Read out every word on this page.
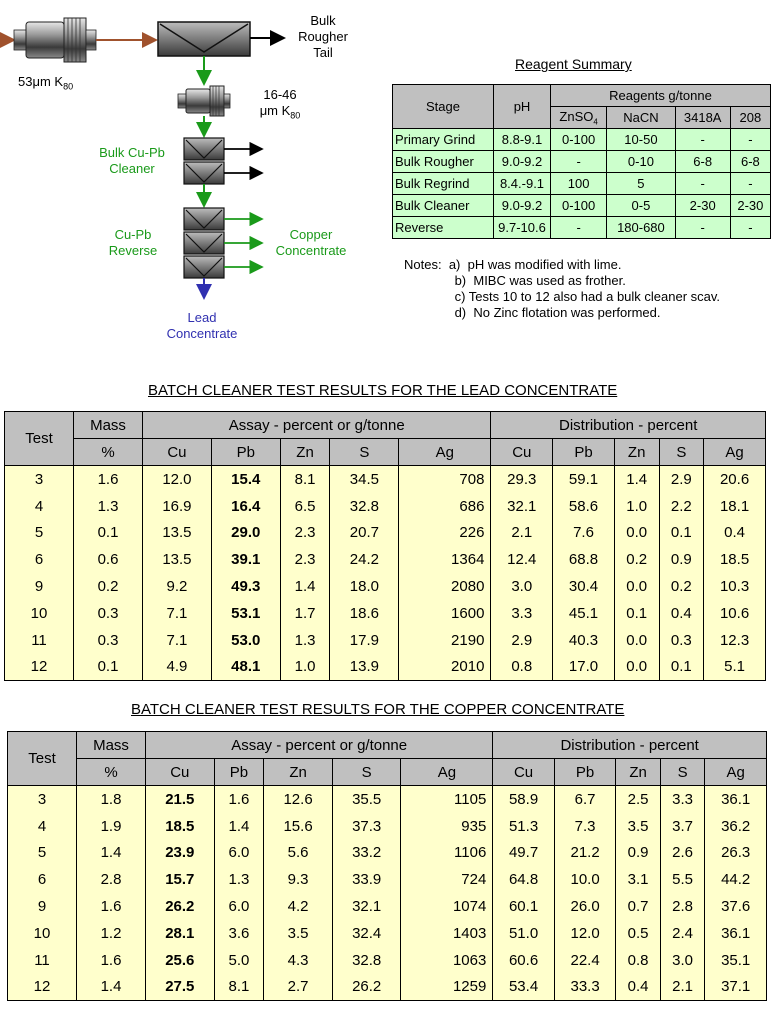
53μm $K_{80}$
Bulk
Rougher
Tail
16-46
μm $K_{80}$
Bulk Cu-Pb
Cleaner
Cu-Pb
Reverse
Copper
Concentrate
Lead
Concentrate
Reagent Summary
Stage	pH	Reagents g/tonne			
		ZnSO$_4$	NaCN	3418A	208
Primary Grind	8.8-9.1	0-100	10-50	-	-
Bulk Rougher	9.0-9.2	-	0-10	6-8	6-8
Bulk Regrind	8.4.-9.1	100	5	-	-
Bulk Cleaner	9.0-9.2	0-100	0-5	2-30	2-30
Reverse	9.7-10.6	-	180-680	-	-
Notes: a)  pH was modified with lime.
b)  MIBC was used as frother.
c) Tests 10 to 12 also had a bulk cleaner scav.
d)  No Zinc flotation was performed.
BATCH CLEANER TEST RESULTS FOR THE LEAD CONCENTRATE
Test	Mass	Assay - percent or g/tonne					Distribution - percent				
	%	Cu	Pb	Zn	S	Ag	Cu	Pb	Zn	S	Ag
3	1.6	12.0	15.4	8.1	34.5	708	29.3	59.1	1.4	2.9	20.6
4	1.3	16.9	16.4	6.5	32.8	686	32.1	58.6	1.0	2.2	18.1
5	0.1	13.5	29.0	2.3	20.7	226	2.1	7.6	0.0	0.1	0.4
6	0.6	13.5	39.1	2.3	24.2	1364	12.4	68.8	0.2	0.9	18.5
9	0.2	9.2	49.3	1.4	18.0	2080	3.0	30.4	0.0	0.2	10.3
10	0.3	7.1	53.1	1.7	18.6	1600	3.3	45.1	0.1	0.4	10.6
11	0.3	7.1	53.0	1.3	17.9	2190	2.9	40.3	0.0	0.3	12.3
12	0.1	4.9	48.1	1.0	13.9	2010	0.8	17.0	0.0	0.1	5.1
BATCH CLEANER TEST RESULTS FOR THE COPPER CONCENTRATE
Test	Mass	Assay - percent or g/tonne					Distribution - percent				
	%	Cu	Pb	Zn	S	Ag	Cu	Pb	Zn	S	Ag
3	1.8	21.5	1.6	12.6	35.5	1105	58.9	6.7	2.5	3.3	36.1
4	1.9	18.5	1.4	15.6	37.3	935	51.3	7.3	3.5	3.7	36.2
5	1.4	23.9	6.0	5.6	33.2	1106	49.7	21.2	0.9	2.6	26.3
6	2.8	15.7	1.3	9.3	33.9	724	64.8	10.0	3.1	5.5	44.2
9	1.6	26.2	6.0	4.2	32.1	1074	60.1	26.0	0.7	2.8	37.6
10	1.2	28.1	3.6	3.5	32.4	1403	51.0	12.0	0.5	2.4	36.1
11	1.6	25.6	5.0	4.3	32.8	1063	60.6	22.4	0.8	3.0	35.1
12	1.4	27.5	8.1	2.7	26.2	1259	53.4	33.3	0.4	2.1	37.1
